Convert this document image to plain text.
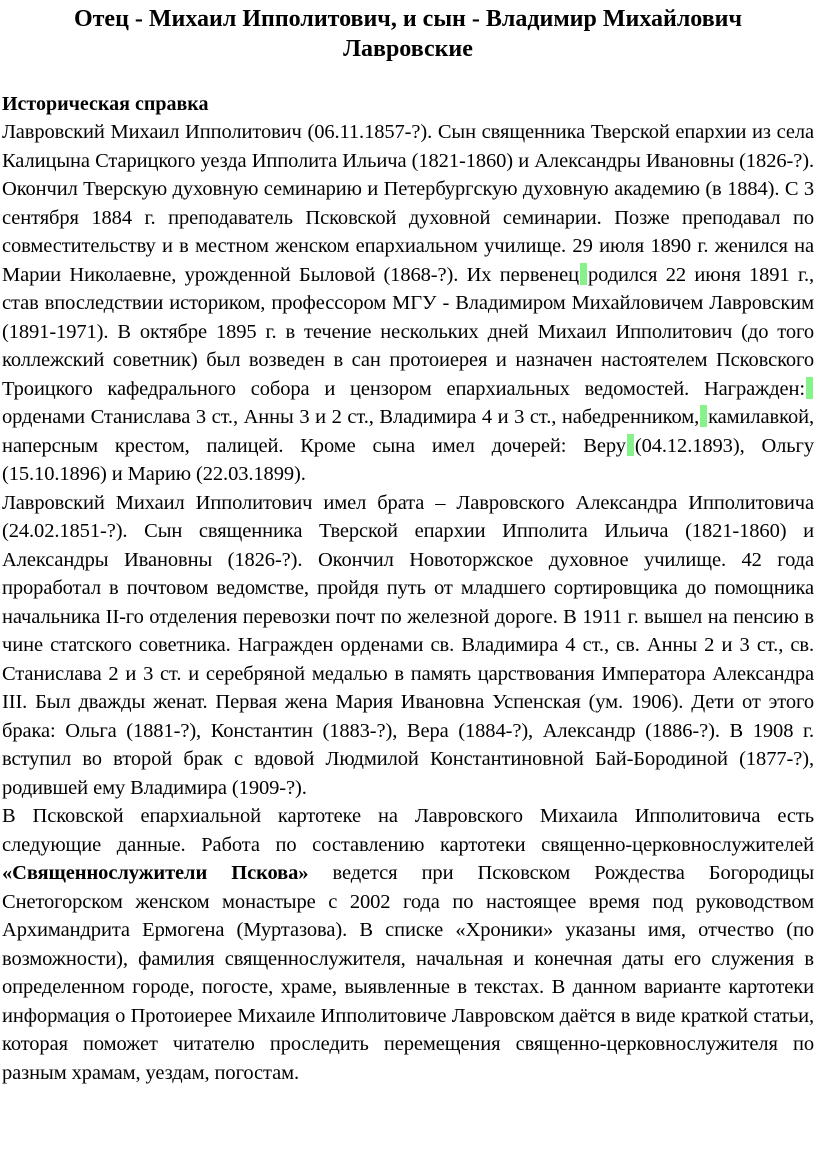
Отец - Михаил Ипполитович, и сын - Владимир Михайлович
Лавровские

Историческая справка

Лавровский Михаил Ипполитович (06.11.1857-?). Сын священника Тверской епархии из села Калицына Старицкого уезда Ипполита Ильича (1821-1860) и Александры Ивановны (1826-?). Окончил Тверскую духовную семинарию и Петербургскую духовную академию (в 1884). С 3 сентября 1884 г. преподаватель Псковской духовной семинарии. Позже преподавал по совместительству и в местном женском епархиальном училище. 29 июля 1890 г. женился на Марии Николаевне, урожденной Быловой (1868-?). Их первенец родился 22 июня 1891 г., став впоследствии историком, профессором МГУ - Владимиром Михайловичем Лавровским (1891-1971). В октябре 1895 г. в течение нескольких дней Михаил Ипполитович (до того коллежский советник) был возведен в сан протоиерея и назначен настоятелем Псковского Троицкого кафедрального собора и цензором епархиальных ведомостей. Награжден:орденами Станислава 3 ст., Анны 3 и 2 ст., Владимира 4 и 3 ст., набедренником, камилавкой, наперсным крестом, палицей. Кроме сына имел дочерей: Веру (04.12.1893), Ольгу (15.10.1896) и Марию (22.03.1899).

Лавровский Михаил Ипполитович имел брата – Лавровского Александра Ипполитовича (24.02.1851-?). Сын священника Тверской епархии Ипполита Ильича (1821-1860) и Александры Ивановны (1826-?). Окончил Новоторжское духовное училище. 42 года проработал в почтовом ведомстве, пройдя путь от младшего сортировщика до помощника начальника II-го отделения перевозки почт по железной дороге. В 1911 г. вышел на пенсию в чине статского советника. Награжден орденами св. Владимира 4 ст., св. Анны 2 и 3 ст., св. Станислава 2 и 3 ст. и серебряной медалью в память царствования Императора Александра III. Был дважды женат. Первая жена Мария Ивановна Успенская (ум. 1906). Дети от этого брака: Ольга (1881-?), Константин (1883-?), Вера (1884-?), Александр (1886-?). В 1908 г. вступил во второй брак с вдовой Людмилой Константиновной Бай-Бородиной (1877-?), родившей ему Владимира (1909-?).

В Псковской епархиальной картотеке на Лавровского Михаила Ипполитовича есть следующие данные. Работа по составлению картотеки священно-церковнослужителей «Священнослужители Пскова» ведется при Псковском Рождества Богородицы Снетогорском женском монастыре с 2002 года по настоящее время под руководством Архимандрита Ермогена (Муртазова). В списке «Хроники» указаны имя, отчество (по возможности), фамилия священнослужителя, начальная и конечная даты его служения в определенном городе, погосте, храме, выявленные в текстах. В данном варианте картотеки информация о Протоиерее Михаиле Ипполитовиче Лавровском даётся в виде краткой статьи, которая поможет читателю проследить перемещения священно-церковнослужителя по разным храмам, уездам, погостам.
